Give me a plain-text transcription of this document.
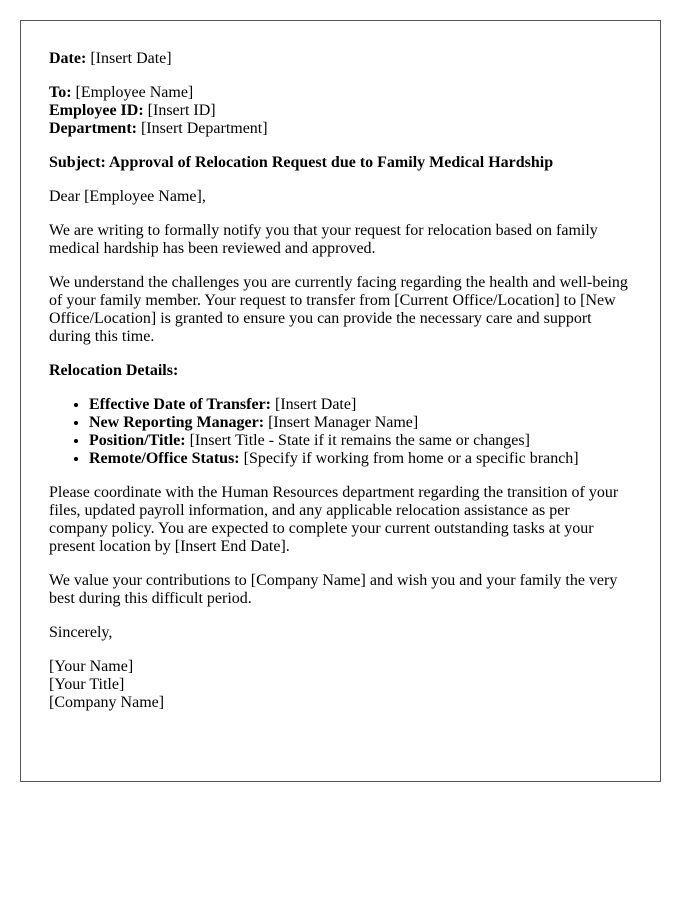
Date: [Insert Date]

To: [Employee Name]
Employee ID: [Insert ID]
Department: [Insert Department]

Subject: Approval of Relocation Request due to Family Medical Hardship

Dear [Employee Name],

We are writing to formally notify you that your request for relocation based on family medical hardship has been reviewed and approved.

We understand the challenges you are currently facing regarding the health and well-being of your family member. Your request to transfer from [Current Office/Location] to [New Office/Location] is granted to ensure you can provide the necessary care and support during this time.

Relocation Details:

• Effective Date of Transfer: [Insert Date]
• New Reporting Manager: [Insert Manager Name]
• Position/Title: [Insert Title - State if it remains the same or changes]
• Remote/Office Status: [Specify if working from home or a specific branch]

Please coordinate with the Human Resources department regarding the transition of your files, updated payroll information, and any applicable relocation assistance as per company policy. You are expected to complete your current outstanding tasks at your present location by [Insert End Date].

We value your contributions to [Company Name] and wish you and your family the very best during this difficult period.

Sincerely,

[Your Name]
[Your Title]
[Company Name]
